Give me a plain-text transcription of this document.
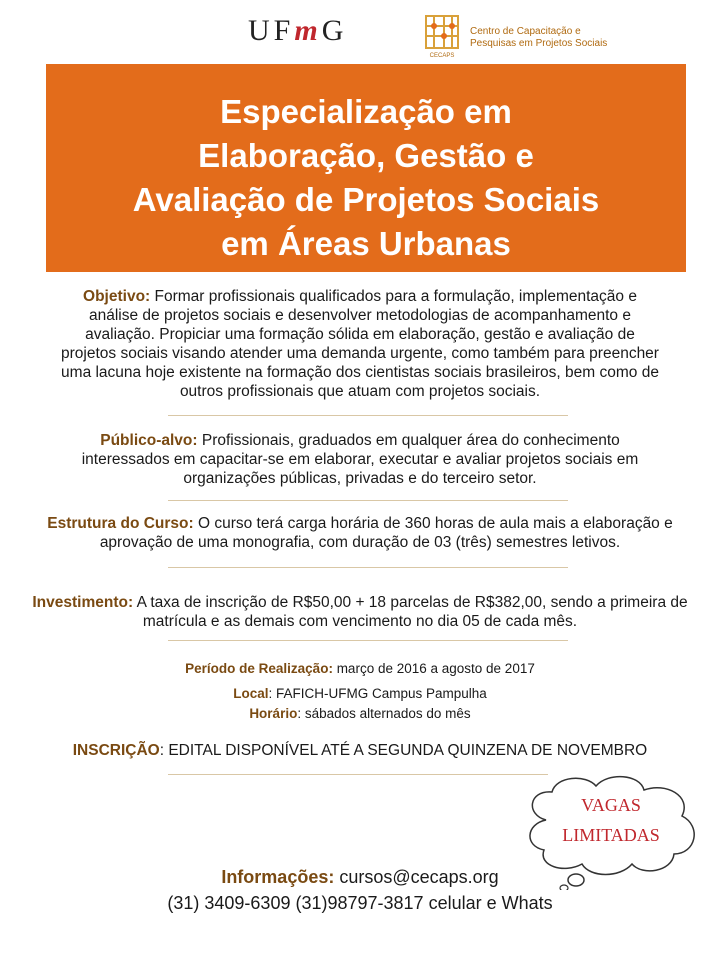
UFmG
CECAPS
Centro de Capacitação e
Pesquisas em Projetos Sociais
Especialização em
Elaboração, Gestão e
Avaliação de Projetos Sociais
em Áreas Urbanas
Objetivo: Formar profissionais qualificados para a formulação, implementação e análise de projetos sociais e desenvolver metodologias de acompanhamento e avaliação. Propiciar uma formação sólida em elaboração, gestão e avaliação de projetos sociais visando atender uma demanda urgente, como também para preencher uma lacuna hoje existente na formação dos cientistas sociais brasileiros, bem como de outros profissionais que atuam com projetos sociais.
Público-alvo: Profissionais, graduados em qualquer área do conhecimento interessados em capacitar-se em elaborar, executar e avaliar projetos sociais em organizações públicas, privadas e do terceiro setor.
Estrutura do Curso: O curso terá carga horária de 360 horas de aula mais a elaboração e aprovação de uma monografia, com duração de 03 (três) semestres letivos.
Investimento: A taxa de inscrição de R$50,00 + 18 parcelas de R$382,00, sendo a primeira de matrícula e as demais com vencimento no dia 05 de cada mês.
Período de Realização: março de 2016 a agosto de 2017
Local: FAFICH-UFMG Campus Pampulha
Horário: sábados alternados do mês
INSCRIÇÃO: EDITAL DISPONÍVEL ATÉ A SEGUNDA QUINZENA DE NOVEMBRO
VAGAS
LIMITADAS
Informações: cursos@cecaps.org
(31) 3409-6309 (31)98797-3817 celular e Whats
